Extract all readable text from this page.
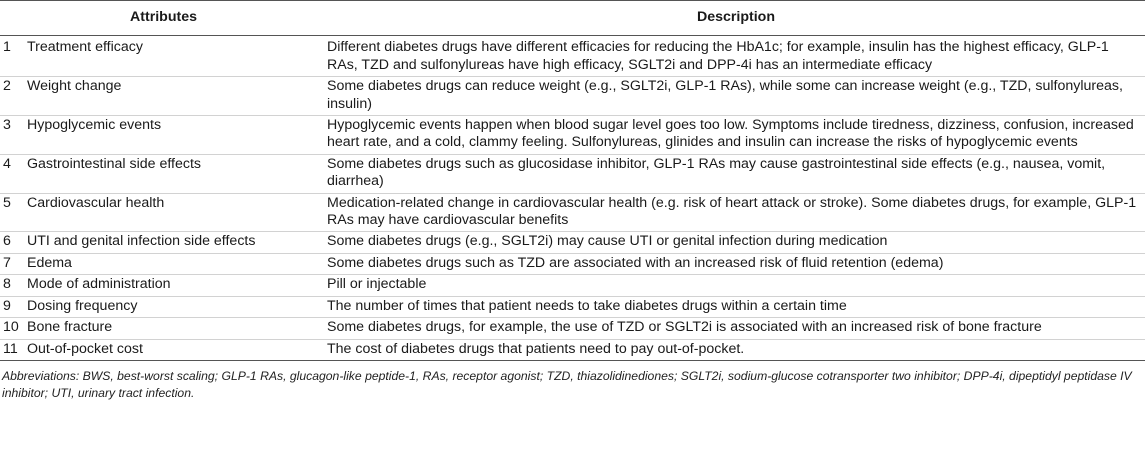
Attributes		Description
1	Treatment efficacy	Different diabetes drugs have different efficacies for reducing the HbA1c; for example, insulin has the highest efficacy, GLP-1 RAs, TZD and sulfonylureas have high efficacy, SGLT2i and DPP-4i has an intermediate efficacy
2	Weight change	Some diabetes drugs can reduce weight (e.g., SGLT2i, GLP-1 RAs), while some can increase weight (e.g., TZD, sulfonylureas, insulin)
3	Hypoglycemic events	Hypoglycemic events happen when blood sugar level goes too low. Symptoms include tiredness, dizziness, confusion, increased heart rate, and a cold, clammy feeling. Sulfonylureas, glinides and insulin can increase the risks of hypoglycemic events
4	Gastrointestinal side effects	Some diabetes drugs such as glucosidase inhibitor, GLP-1 RAs may cause gastrointestinal side effects (e.g., nausea, vomit, diarrhea)
5	Cardiovascular health	Medication-related change in cardiovascular health (e.g. risk of heart attack or stroke). Some diabetes drugs, for example, GLP-1 RAs may have cardiovascular benefits
6	UTI and genital infection side effects	Some diabetes drugs (e.g., SGLT2i) may cause UTI or genital infection during medication
7	Edema	Some diabetes drugs such as TZD are associated with an increased risk of fluid retention (edema)
8	Mode of administration	Pill or injectable
9	Dosing frequency	The number of times that patient needs to take diabetes drugs within a certain time
10	Bone fracture	Some diabetes drugs, for example, the use of TZD or SGLT2i is associated with an increased risk of bone fracture
11	Out-of-pocket cost	The cost of diabetes drugs that patients need to pay out-of-pocket.
Abbreviations: BWS, best-worst scaling; GLP-1 RAs, glucagon-like peptide-1, RAs, receptor agonist; TZD, thiazolidinediones; SGLT2i, sodium-glucose cotransporter two inhibitor; DPP-4i, dipeptidyl peptidase IV inhibitor; UTI, urinary tract infection.
